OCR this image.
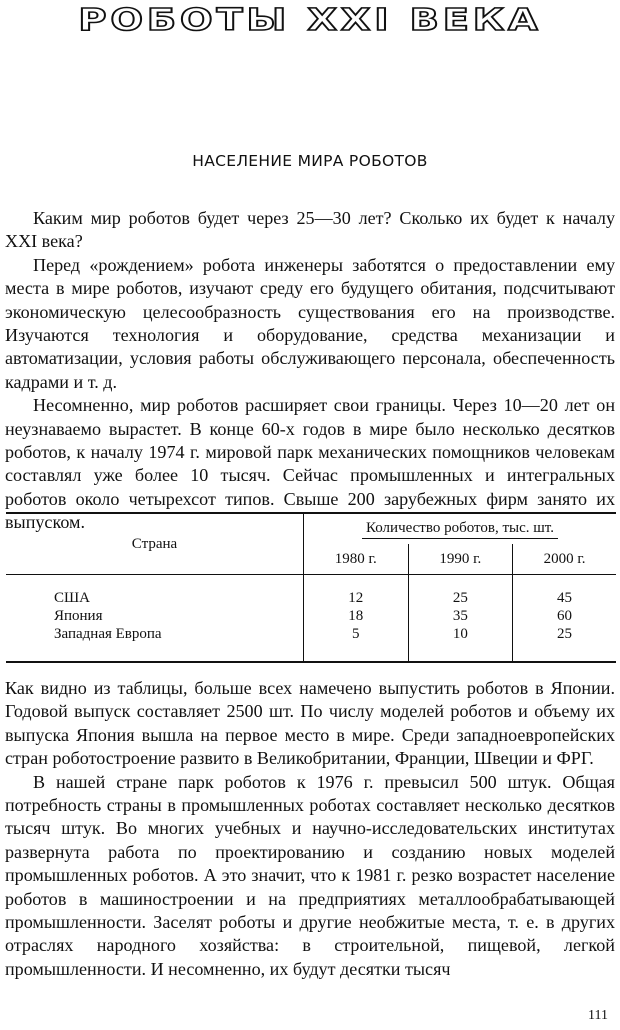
РОБОТЫ XXI ВЕКА
НАСЕЛЕНИЕ МИРА РОБОТОВ

Каким мир роботов будет через 25—30 лет? Сколько их будет к началу XXI века?

Перед «рождением» робота инженеры заботятся о предоставлении ему места в мире роботов, изучают среду его будущего обитания, подсчитывают экономическую целесообразность существования его на производстве. Изучаются технология и оборудование, средства механизации и автоматизации, условия работы обслуживающего персонала, обеспеченность кадрами и т. д.

Несомненно, мир роботов расширяет свои границы. Через 10—20 лет он неузнаваемо вырастет. В конце 60-х годов в мире было несколько десятков роботов, к началу 1974 г. мировой парк механических помощников человекам составлял уже более 10 тысяч. Сейчас промышленных и интегральных роботов около четырехсот типов. Свыше 200 зарубежных фирм занято их выпуском.

Страна	Количество роботов, тыс. шт.		
	1980 г.	1990 г.	2000 г.
США	12	25	45
Япония	18	35	60
Западная Европа	5	10	25

Как видно из таблицы, больше всех намечено выпустить роботов в Японии. Годовой выпуск составляет 2500 шт. По числу моделей роботов и объему их выпуска Япония вышла на первое место в мире. Среди западноевропейских стран роботостроение развито в Великобритании, Франции, Швеции и ФРГ.

В нашей стране парк роботов к 1976 г. превысил 500 штук. Общая потребность страны в промышленных роботах составляет несколько десятков тысяч штук. Во многих учебных и научно-исследовательских институтах развернута работа по проектированию и созданию новых моделей промышленных роботов. А это значит, что к 1981 г. резко возрастет население роботов в машиностроении и на предприятиях металлообрабатывающей промышленности. Заселят роботы и другие необжитые места, т. е. в других отраслях народного хозяйства: в строительной, пищевой, легкой промышленности. И несомненно, их будут десятки тысяч

111
